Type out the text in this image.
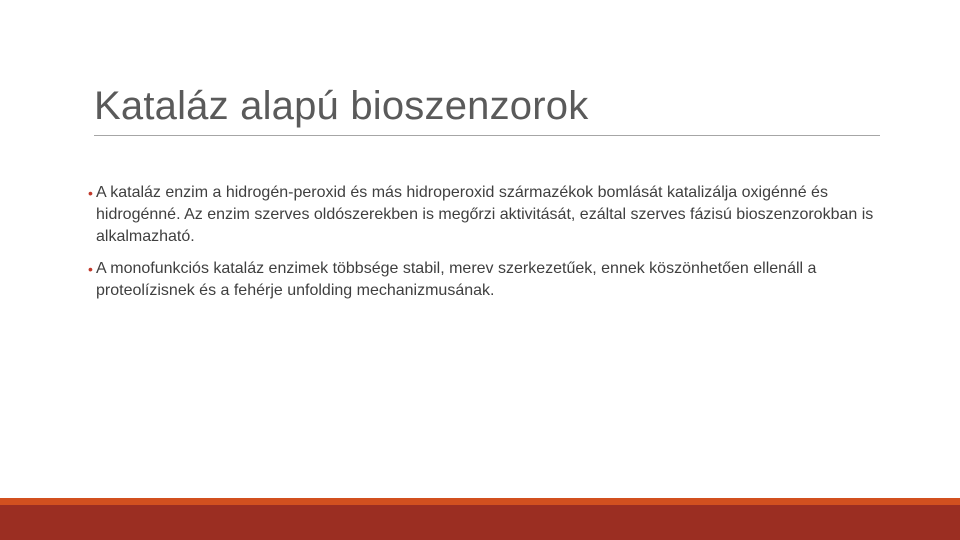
Kataláz alapú bioszenzorok
• A kataláz enzim a hidrogén-peroxid és más hidroperoxid származékok bomlását katalizálja oxigénné és hidrogénné. Az enzim szerves oldószerekben is megőrzi aktivitását, ezáltal szerves fázisú bioszenzorokban is alkalmazható.
• A monofunkciós kataláz enzimek többsége stabil, merev szerkezetűek, ennek köszönhetően ellenáll a proteolízisnek és a fehérje unfolding mechanizmusának.
